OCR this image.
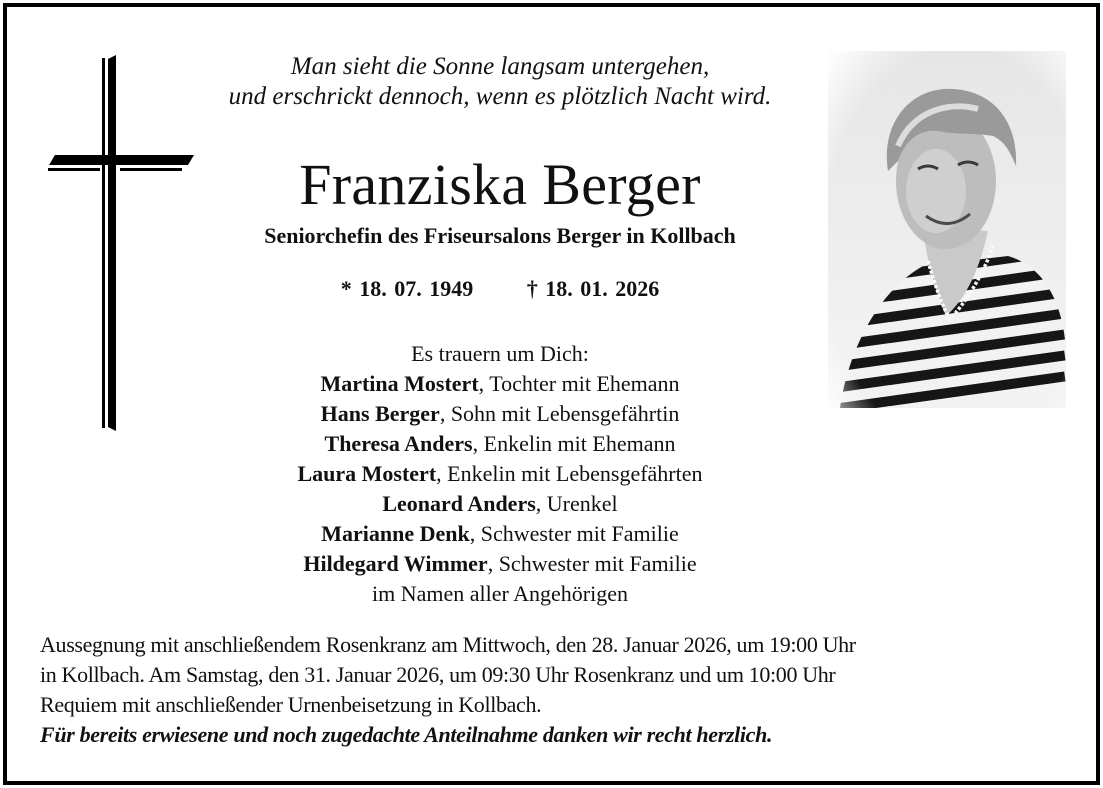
Man sieht die Sonne langsam untergehen,
und erschrickt dennoch, wenn es plötzlich Nacht wird.
Franziska Berger
Seniorchefin des Friseursalons Berger in Kollbach
* 18. 07. 1949 † 18. 01. 2026
Es trauern um Dich:
Martina Mostert, Tochter mit Ehemann
Hans Berger, Sohn mit Lebensgefährtin
Theresa Anders, Enkelin mit Ehemann
Laura Mostert, Enkelin mit Lebensgefährten
Leonard Anders, Urenkel
Marianne Denk, Schwester mit Familie
Hildegard Wimmer, Schwester mit Familie
im Namen aller Angehörigen
Aussegnung mit anschließendem Rosenkranz am Mittwoch, den 28. Januar 2026, um 19:00 Uhr
in Kollbach. Am Samstag, den 31. Januar 2026, um 09:30 Uhr Rosenkranz und um 10:00 Uhr
Requiem mit anschließender Urnenbeisetzung in Kollbach.
Für bereits erwiesene und noch zugedachte Anteilnahme danken wir recht herzlich.
